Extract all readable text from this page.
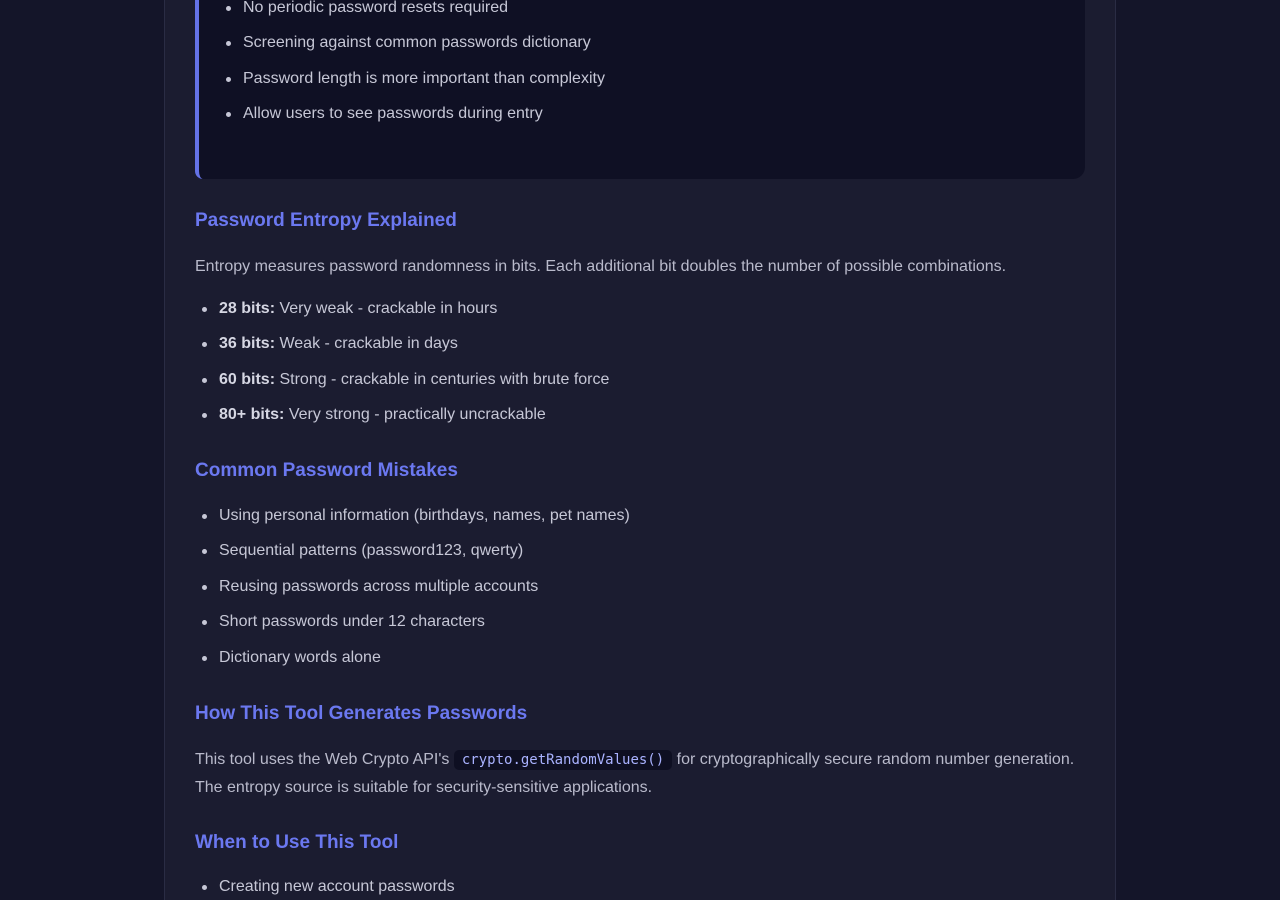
No periodic password resets required
Screening against common passwords dictionary
Password length is more important than complexity
Allow users to see passwords during entry
Password Entropy Explained

Entropy measures password randomness in bits. Each additional bit doubles the number of possible combinations.

28 bits: Very weak - crackable in hours
36 bits: Weak - crackable in days
60 bits: Strong - crackable in centuries with brute force
80+ bits: Very strong - practically uncrackable
Common Password Mistakes
Using personal information (birthdays, names, pet names)
Sequential patterns (password123, qwerty)
Reusing passwords across multiple accounts
Short passwords under 12 characters
Dictionary words alone
How This Tool Generates Passwords

This tool uses the Web Crypto API's crypto.getRandomValues() for cryptographically secure random number generation. The entropy source is suitable for security-sensitive applications.

When to Use This Tool
Creating new account passwords
